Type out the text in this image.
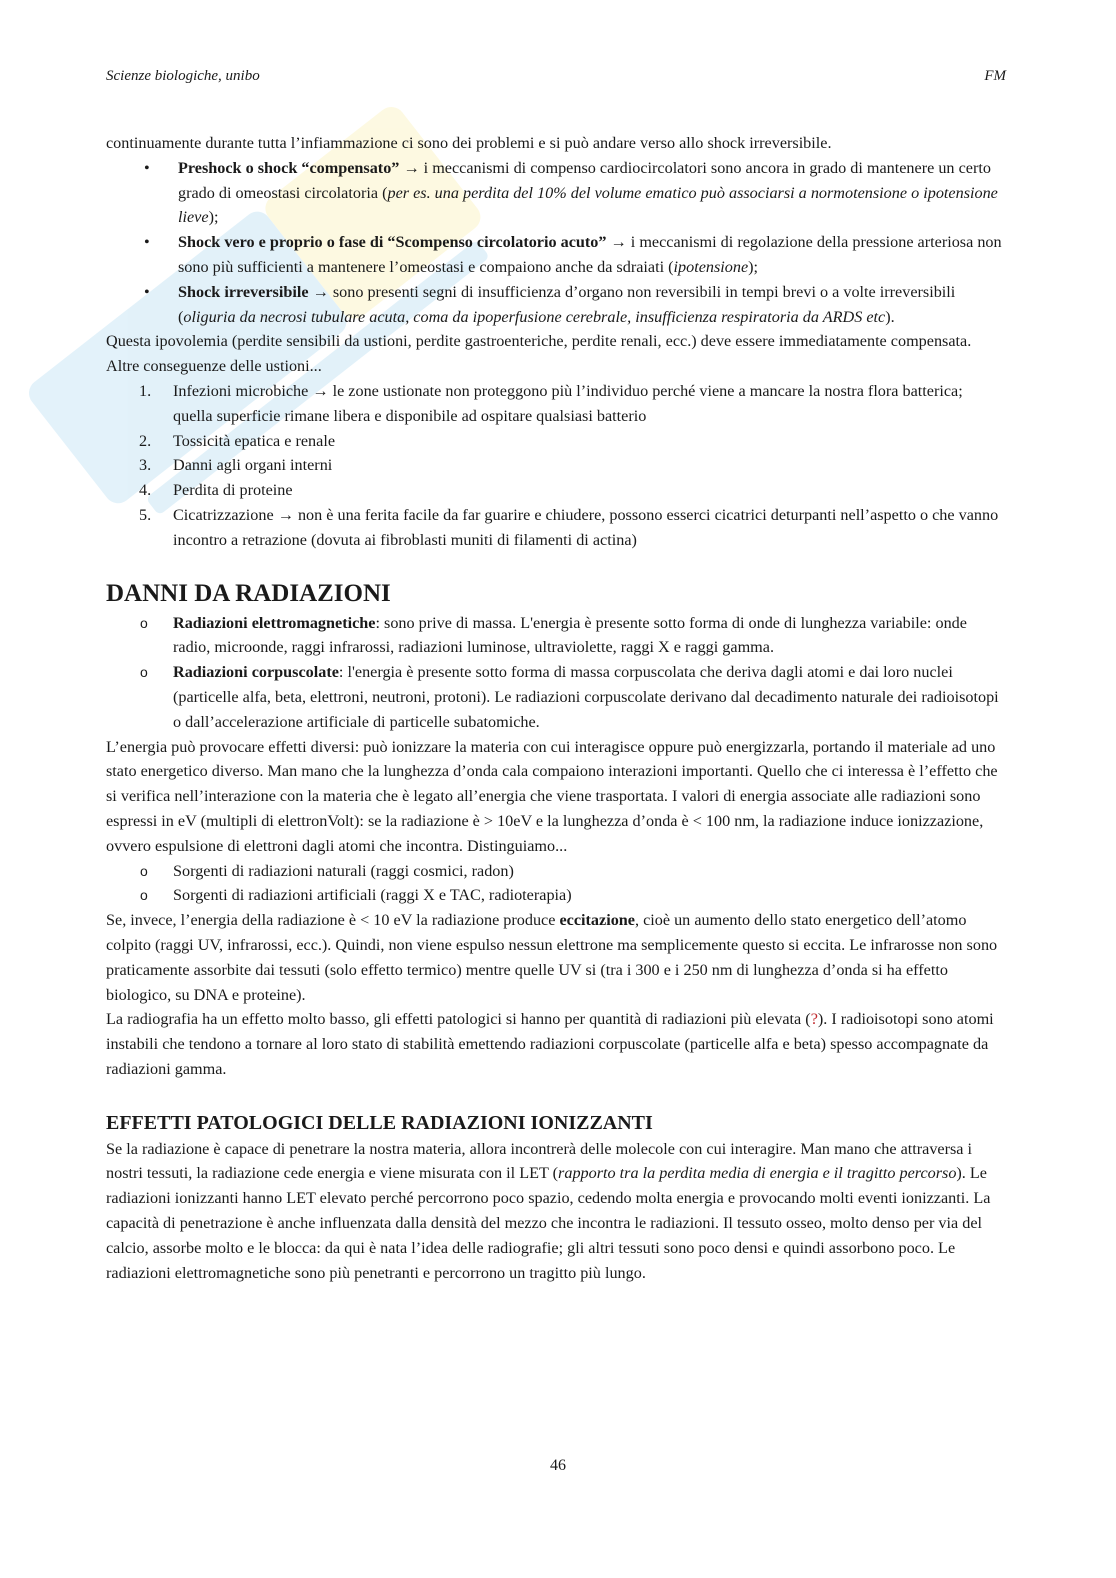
Scienze biologiche, unibo	FM

continuamente durante tutta l’infiammazione ci sono dei problemi e si può andare verso allo shock irreversibile.

• Preshock o shock “compensato” → i meccanismi di compenso cardiocircolatori sono ancora in grado di mantenere un certo grado di omeostasi circolatoria (per es. una perdita del 10% del volume ematico può associarsi a normotensione o ipotensione lieve);
• Shock vero e proprio o fase di “Scompenso circolatorio acuto” → i meccanismi di regolazione della pressione arteriosa non sono più sufficienti a mantenere l’omeostasi e compaiono anche da sdraiati (ipotensione);
• Shock irreversibile → sono presenti segni di insufficienza d’organo non reversibili in tempi brevi o a volte irreversibili (oliguria da necrosi tubulare acuta, coma da ipoperfusione cerebrale, insufficienza respiratoria da ARDS etc).

Questa ipovolemia (perdite sensibili da ustioni, perdite gastroenteriche, perdite renali, ecc.) deve essere immediatamente compensata.

Altre conseguenze delle ustioni...

1. Infezioni microbiche → le zone ustionate non proteggono più l’individuo perché viene a mancare la nostra flora batterica; quella superficie rimane libera e disponibile ad ospitare qualsiasi batterio
2. Tossicità epatica e renale
3. Danni agli organi interni
4. Perdita di proteine
5. Cicatrizzazione → non è una ferita facile da far guarire e chiudere, possono esserci cicatrici deturpanti nell’aspetto o che vanno incontro a retrazione (dovuta ai fibroblasti muniti di filamenti di actina)
DANNI DA RADIAZIONI
o Radiazioni elettromagnetiche: sono prive di massa. L'energia è presente sotto forma di onde di lunghezza variabile: onde radio, microonde, raggi infrarossi, radiazioni luminose, ultraviolette, raggi X e raggi gamma.
o Radiazioni corpuscolate: l'energia è presente sotto forma di massa corpuscolata che deriva dagli atomi e dai loro nuclei (particelle alfa, beta, elettroni, neutroni, protoni). Le radiazioni corpuscolate derivano dal decadimento naturale dei radioisotopi o dall’accelerazione artificiale di particelle subatomiche.

L’energia può provocare effetti diversi: può ionizzare la materia con cui interagisce oppure può energizzarla, portando il materiale ad uno stato energetico diverso. Man mano che la lunghezza d’onda cala compaiono interazioni importanti. Quello che ci interessa è l’effetto che si verifica nell’interazione con la materia che è legato all’energia che viene trasportata. I valori di energia associate alle radiazioni sono espressi in eV (multipli di elettronVolt): se la radiazione è > 10eV e la lunghezza d’onda è < 100 nm, la radiazione induce ionizzazione, ovvero espulsione di elettroni dagli atomi che incontra. Distinguiamo...

o Sorgenti di radiazioni naturali (raggi cosmici, radon)
o Sorgenti di radiazioni artificiali (raggi X e TAC, radioterapia)

Se, invece, l’energia della radiazione è < 10 eV la radiazione produce eccitazione, cioè un aumento dello stato energetico dell’atomo colpito (raggi UV, infrarossi, ecc.). Quindi, non viene espulso nessun elettrone ma semplicemente questo si eccita. Le infrarosse non sono praticamente assorbite dai tessuti (solo effetto termico) mentre quelle UV si (tra i 300 e i 250 nm di lunghezza d’onda si ha effetto biologico, su DNA e proteine).

La radiografia ha un effetto molto basso, gli effetti patologici si hanno per quantità di radiazioni più elevata (?). I radioisotopi sono atomi instabili che tendono a tornare al loro stato di stabilità emettendo radiazioni corpuscolate (particelle alfa e beta) spesso accompagnate da radiazioni gamma.

EFFETTI PATOLOGICI DELLE RADIAZIONI IONIZZANTI

Se la radiazione è capace di penetrare la nostra materia, allora incontrerà delle molecole con cui interagire. Man mano che attraversa i nostri tessuti, la radiazione cede energia e viene misurata con il LET (rapporto tra la perdita media di energia e il tragitto percorso). Le radiazioni ionizzanti hanno LET elevato perché percorrono poco spazio, cedendo molta energia e provocando molti eventi ionizzanti. La capacità di penetrazione è anche influenzata dalla densità del mezzo che incontra le radiazioni. Il tessuto osseo, molto denso per via del calcio, assorbe molto e le blocca: da qui è nata l’idea delle radiografie; gli altri tessuti sono poco densi e quindi assorbono poco. Le radiazioni elettromagnetiche sono più penetranti e percorrono un tragitto più lungo.

46
